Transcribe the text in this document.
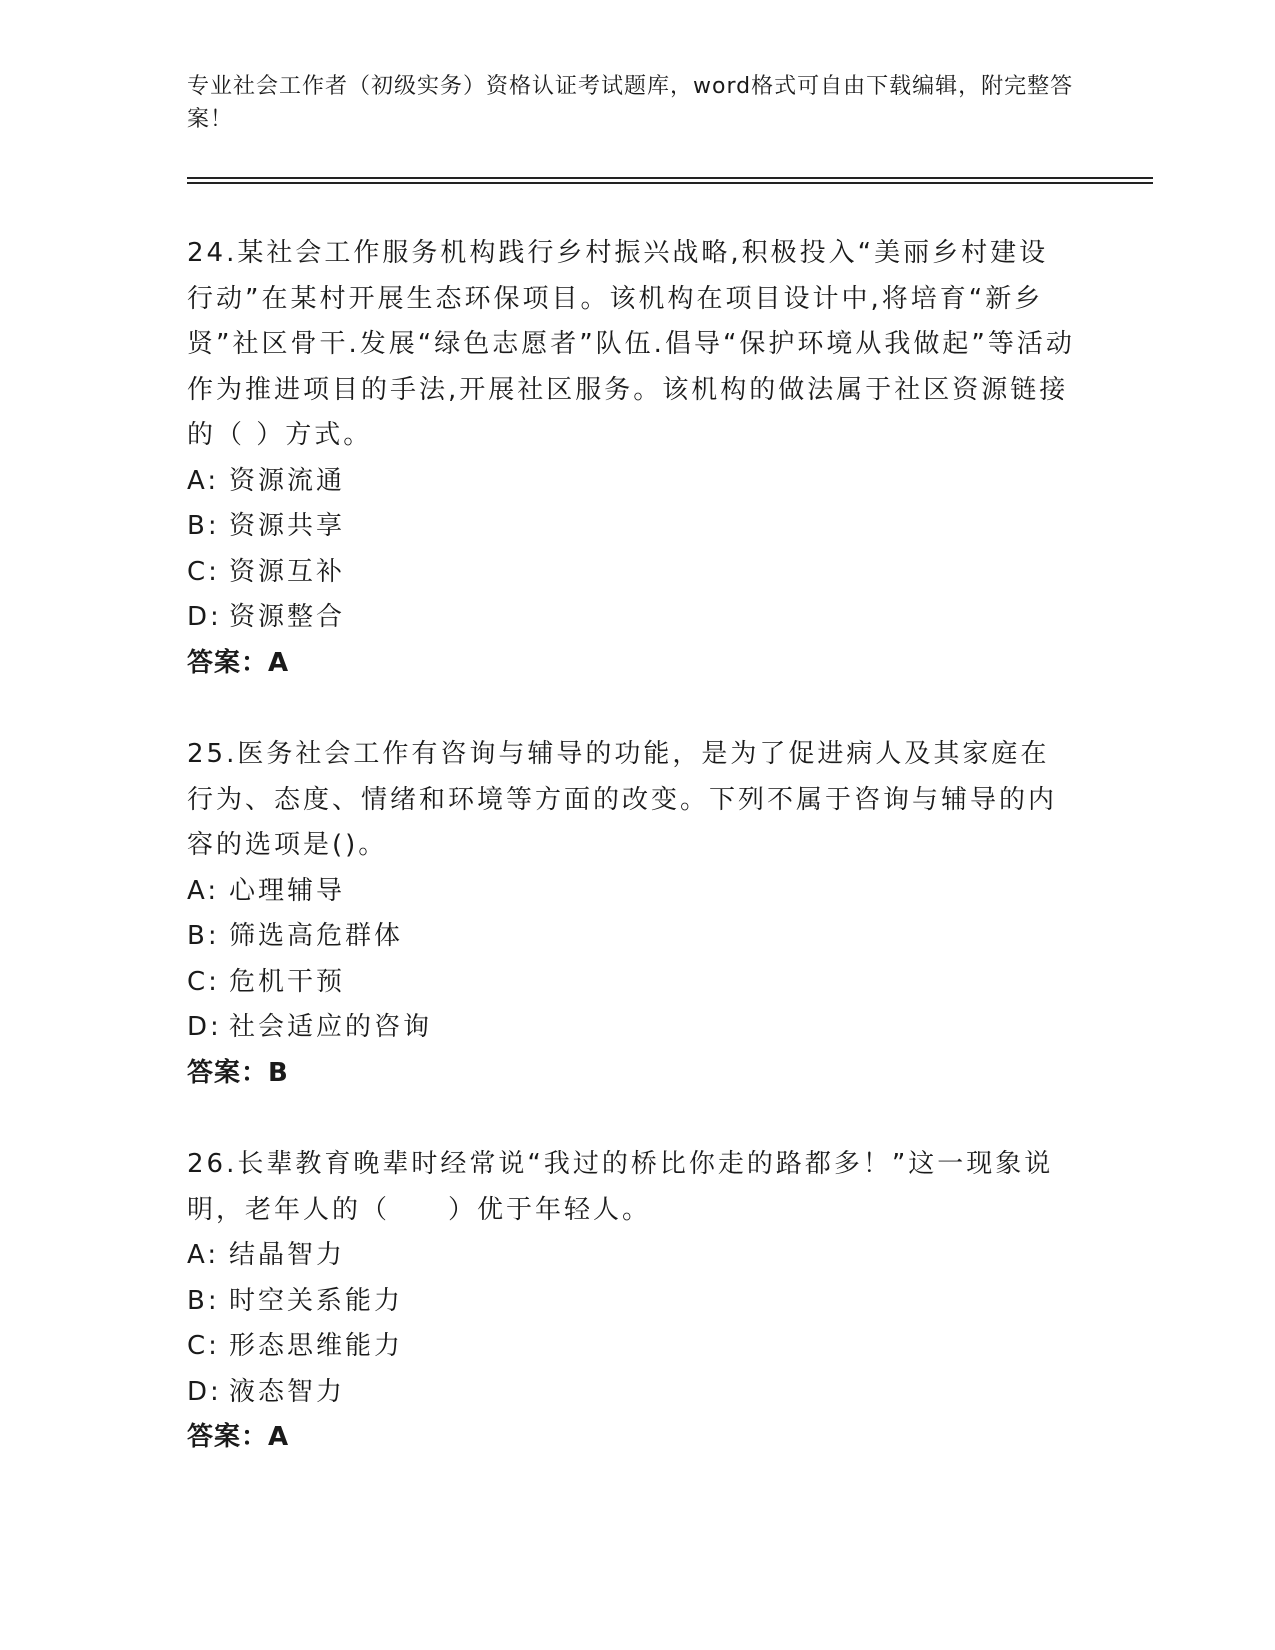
专业社会工作者（初级实务）资格认证考试题库，word格式可自由下载编辑，附完整答案！

24.某社会工作服务机构践行乡村振兴战略,积极投入“美丽乡村建设行动”在某村开展生态环保项目。该机构在项目设计中,将培育“新乡贤”社区骨干.发展“绿色志愿者”队伍.倡导“保护环境从我做起”等活动作为推进项目的手法,开展社区服务。该机构的做法属于社区资源链接的（ ）方式。

A: 资源流通

B: 资源共享

C: 资源互补

D: 资源整合

答案：A

25.医务社会工作有咨询与辅导的功能，是为了促进病人及其家庭在行为、态度、情绪和环境等方面的改变。下列不属于咨询与辅导的内容的选项是()。

A: 心理辅导

B: 筛选高危群体

C: 危机干预

D: 社会适应的咨询

答案：B

26.长辈教育晚辈时经常说“我过的桥比你走的路都多！”这一现象说明，老年人的（　　）优于年轻人。

A: 结晶智力

B: 时空关系能力

C: 形态思维能力

D: 液态智力

答案：A
